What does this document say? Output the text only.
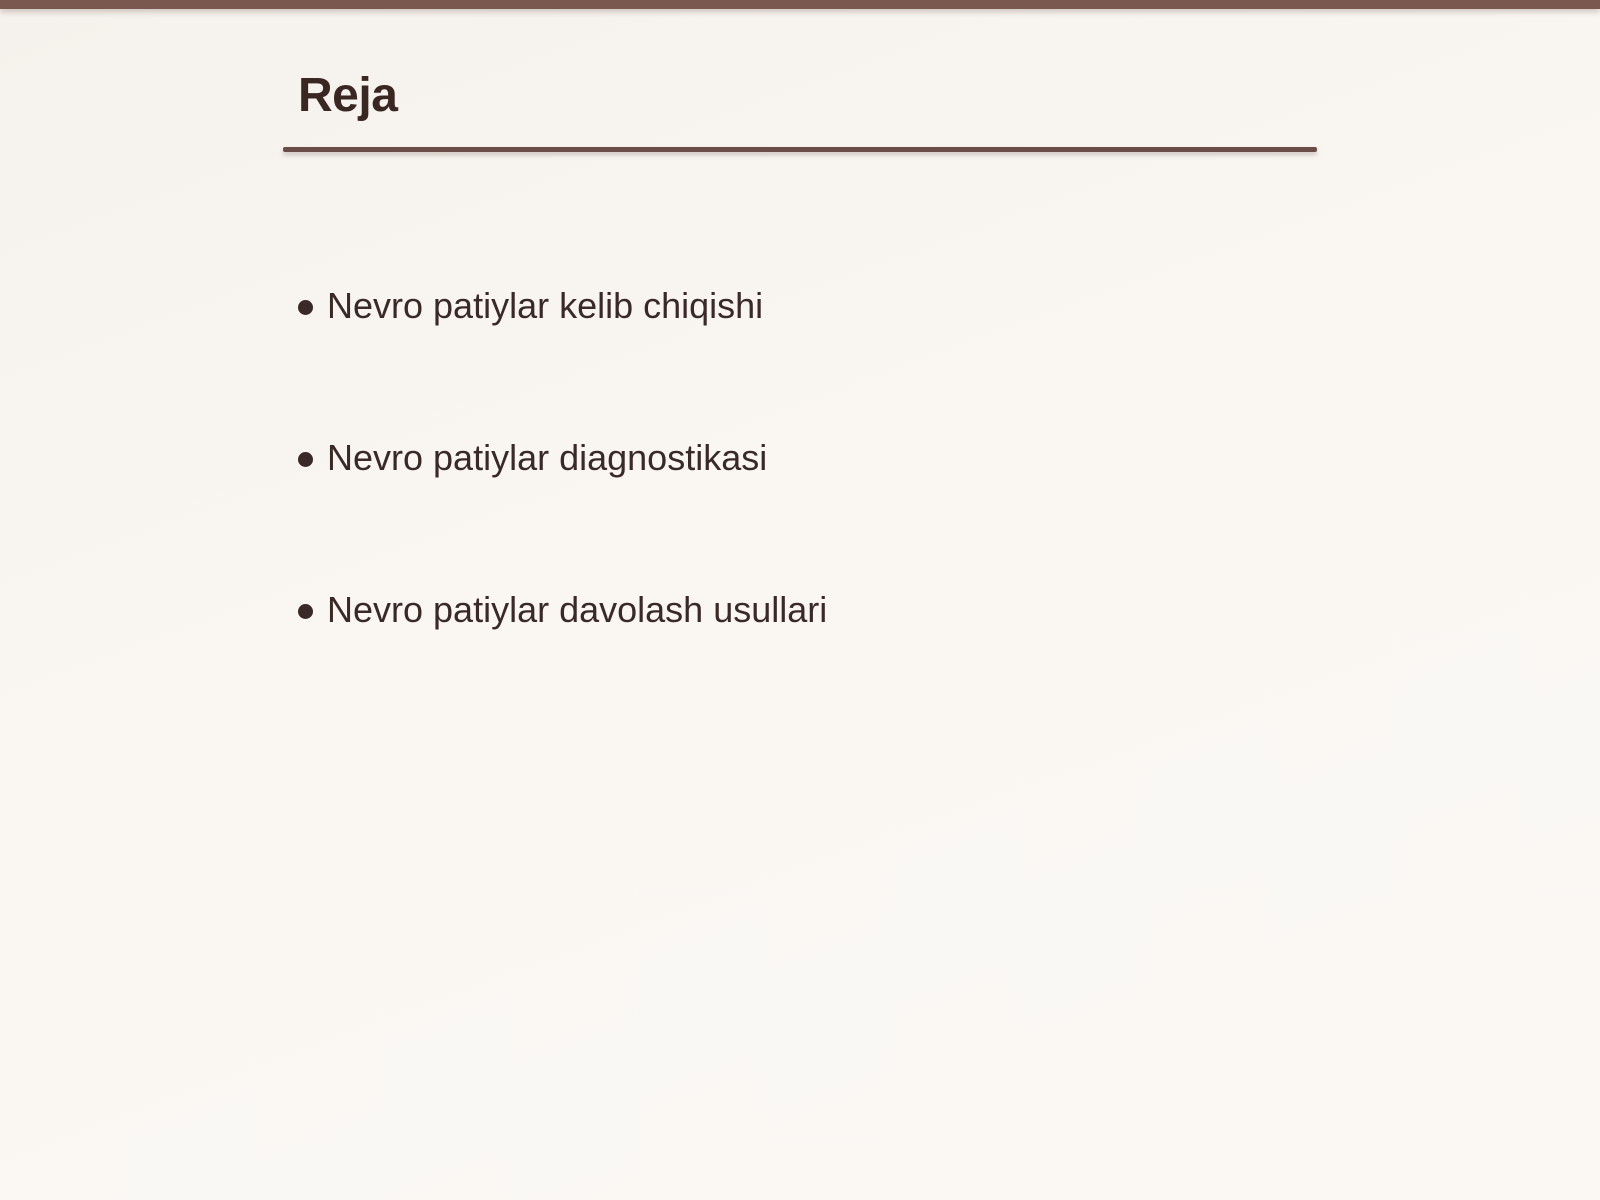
Reja
Nevro patiylar kelib chiqishi
Nevro patiylar diagnostikasi
Nevro patiylar davolash usullari
